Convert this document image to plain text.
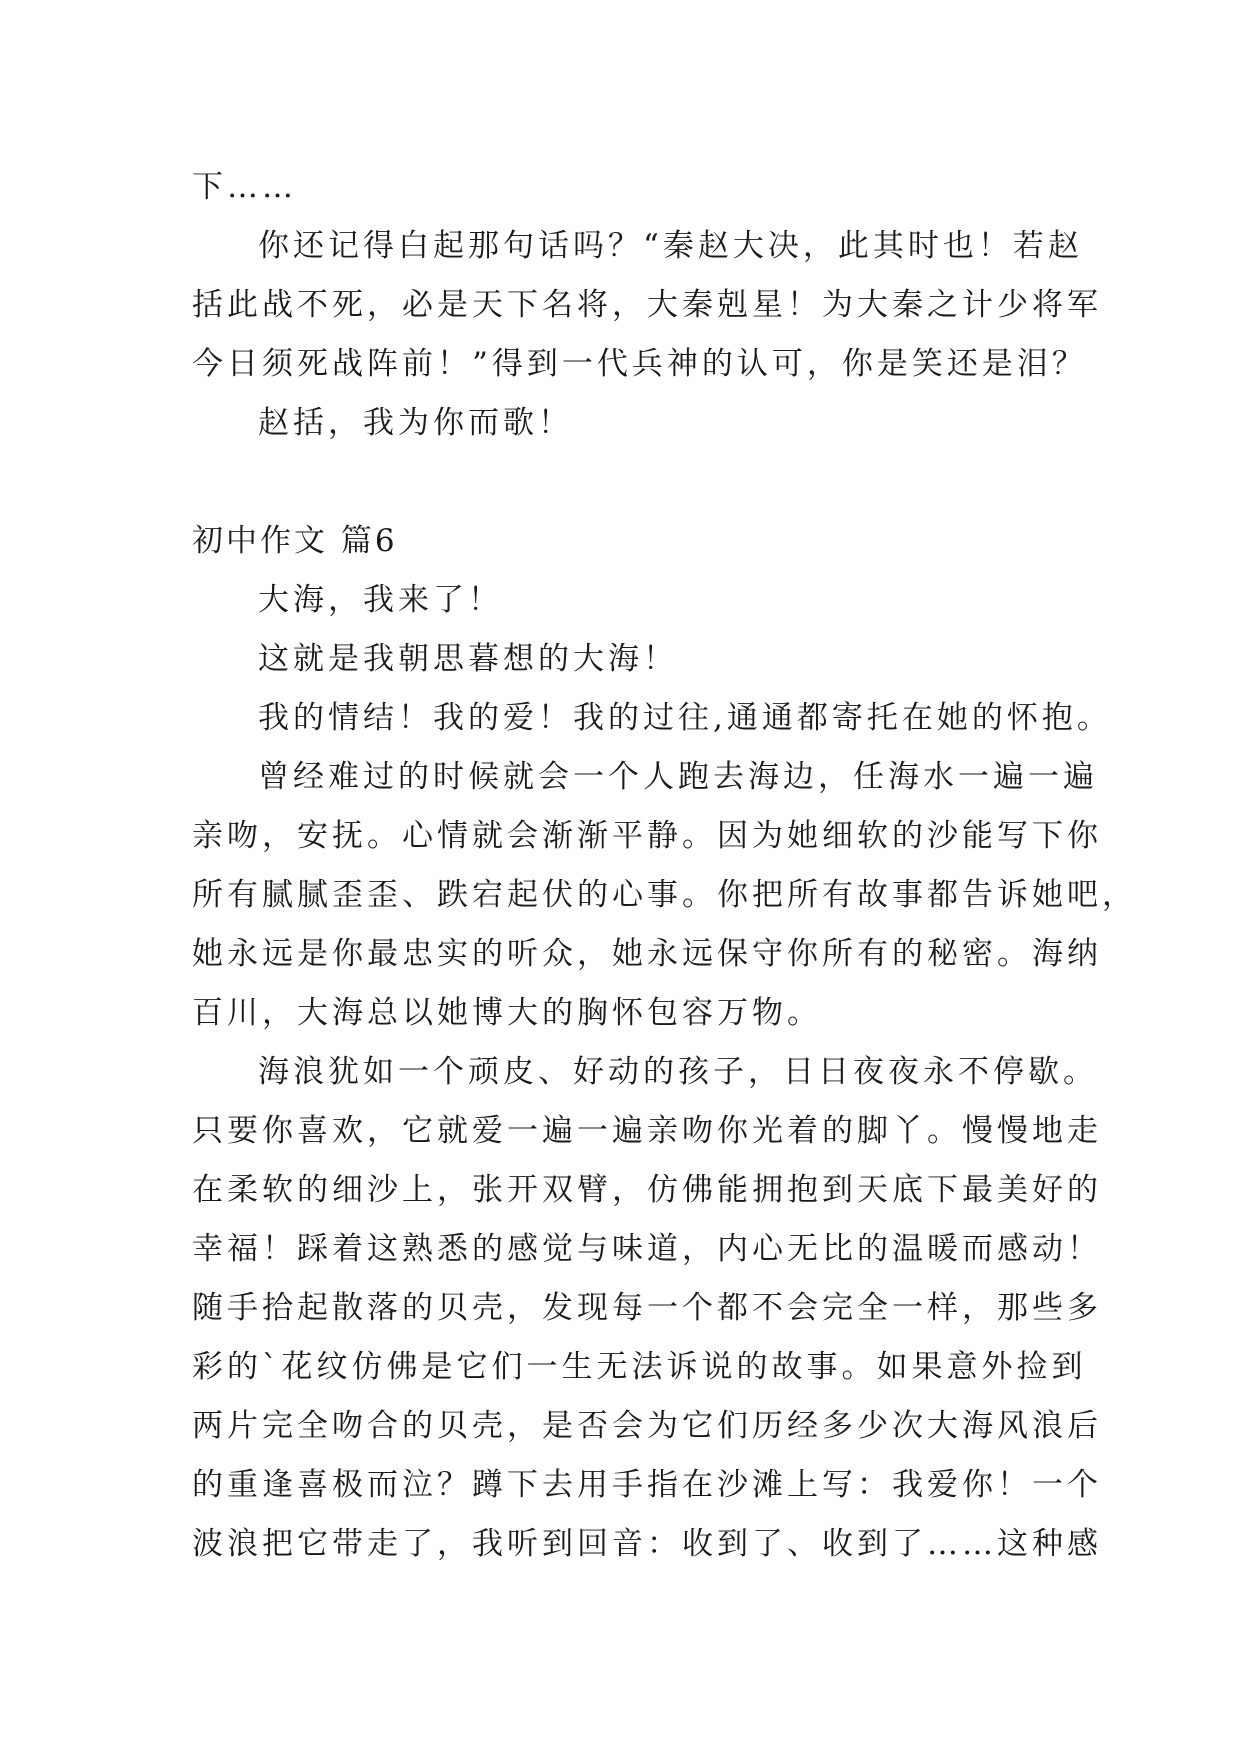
下……
你还记得白起那句话吗？“秦赵大决，此其时也！若赵
括此战不死，必是天下名将，大秦剋星！为大秦之计少将军
今日须死战阵前！”得到一代兵神的认可，你是笑还是泪？
赵括，我为你而歌！
初中作文 篇6
大海，我来了！
这就是我朝思暮想的大海！
我的情结！我的爱！我的过往,通通都寄托在她的怀抱。
曾经难过的时候就会一个人跑去海边，任海水一遍一遍
亲吻，安抚。心情就会渐渐平静。因为她细软的沙能写下你
所有腻腻歪歪、跌宕起伏的心事。你把所有故事都告诉她吧，
她永远是你最忠实的听众，她永远保守你所有的秘密。海纳
百川，大海总以她博大的胸怀包容万物。
海浪犹如一个顽皮、好动的孩子，日日夜夜永不停歇。
只要你喜欢，它就爱一遍一遍亲吻你光着的脚丫。慢慢地走
在柔软的细沙上，张开双臂，仿佛能拥抱到天底下最美好的
幸福！踩着这熟悉的感觉与味道，内心无比的温暖而感动！
随手拾起散落的贝壳，发现每一个都不会完全一样，那些多
彩的`花纹仿佛是它们一生无法诉说的故事。如果意外捡到
两片完全吻合的贝壳，是否会为它们历经多少次大海风浪后
的重逢喜极而泣？蹲下去用手指在沙滩上写：我爱你！一个
波浪把它带走了，我听到回音：收到了、收到了……这种感
